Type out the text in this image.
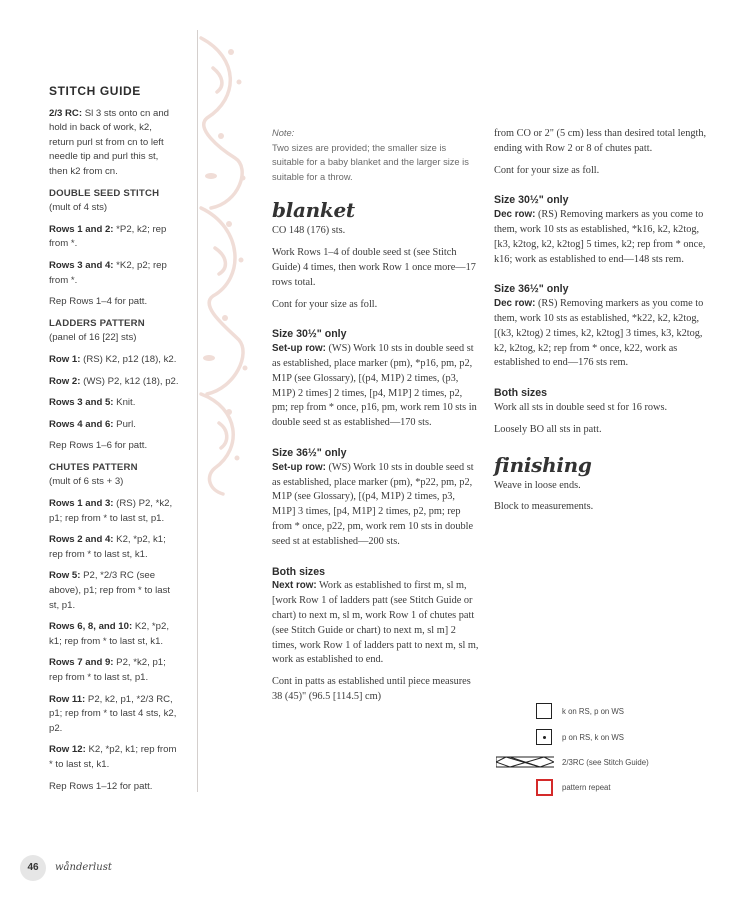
STITCH GUIDE
2/3 RC: Sl 3 sts onto cn and hold in back of work, k2, return purl st from cn to left needle tip and purl this st, then k2 from cn.
DOUBLE SEED STITCH
(mult of 4 sts)
Rows 1 and 2: *P2, k2; rep from *.
Rows 3 and 4: *K2, p2; rep from *.
Rep Rows 1–4 for patt.
LADDERS PATTERN
(panel of 16 [22] sts)
Row 1: (RS) K2, p12 (18), k2.
Row 2: (WS) P2, k12 (18), p2.
Rows 3 and 5: Knit.
Rows 4 and 6: Purl.
Rep Rows 1–6 for patt.
CHUTES PATTERN
(mult of 6 sts + 3)
Rows 1 and 3: (RS) P2, *k2, p1; rep from * to last st, p1.
Rows 2 and 4: K2, *p2, k1; rep from * to last st, k1.
Row 5: P2, *2/3 RC (see above), p1; rep from * to last st, p1.
Rows 6, 8, and 10: K2, *p2, k1; rep from * to last st, k1.
Rows 7 and 9: P2, *k2, p1; rep from * to last st, p1.
Row 11: P2, k2, p1, *2/3 RC, p1; rep from * to last 4 sts, k2, p2.
Row 12: K2, *p2, k1; rep from * to last st, k1.
Rep Rows 1–12 for patt.
Note:
Two sizes are provided; the smaller size is suitable for a baby blanket and the larger size is suitable for a throw.
blanket
CO 148 (176) sts.
Work Rows 1–4 of double seed st (see Stitch Guide) 4 times, then work Row 1 once more—17 rows total.
Cont for your size as foll.
Size 30½" only
Set-up row: (WS) Work 10 sts in double seed st as established, place marker (pm), *p16, pm, p2, M1P (see Glossary), [(p4, M1P) 2 times, (p3, M1P) 2 times] 2 times, [p4, M1P] 2 times, p2, pm; rep from * once, p16, pm, work rem 10 sts in double seed st as established—170 sts.
Size 36½" only
Set-up row: (WS) Work 10 sts in double seed st as established, place marker (pm), *p22, pm, p2, M1P (see Glossary), [(p4, M1P) 2 times, p3, M1P] 3 times, [p4, M1P] 2 times, p2, pm; rep from * once, p22, pm, work rem 10 sts in double seed st at established—200 sts.
Both sizes
Next row: Work as established to first m, sl m, [work Row 1 of ladders patt (see Stitch Guide or chart) to next m, sl m, work Row 1 of chutes patt (see Stitch Guide or chart) to next m, sl m] 2 times, work Row 1 of ladders patt to next m, sl m, work as established to end.
Cont in patts as established until piece measures 38 (45)" (96.5 [114.5] cm)
from CO or 2" (5 cm) less than desired total length, ending with Row 2 or 8 of chutes patt.
Cont for your size as foll.
Size 30½" only
Dec row: (RS) Removing markers as you come to them, work 10 sts as established, *k16, k2, k2tog, [k3, k2tog, k2, k2tog] 5 times, k2; rep from * once, k16; work as established to end—148 sts rem.
Size 36½" only
Dec row: (RS) Removing markers as you come to them, work 10 sts as established, *k22, k2, k2tog, [(k3, k2tog) 2 times, k2, k2tog] 3 times, k3, k2tog, k2, k2tog, k2; rep from * once, k22, work as established to end—176 sts rem.
Both sizes
Work all sts in double seed st for 16 rows.
Loosely BO all sts in patt.
finishing
Weave in loose ends.
Block to measurements.
k on RS, p on WS
p on RS, k on WS
2/3RC (see Stitch Guide)
pattern repeat
46	wånderlust
